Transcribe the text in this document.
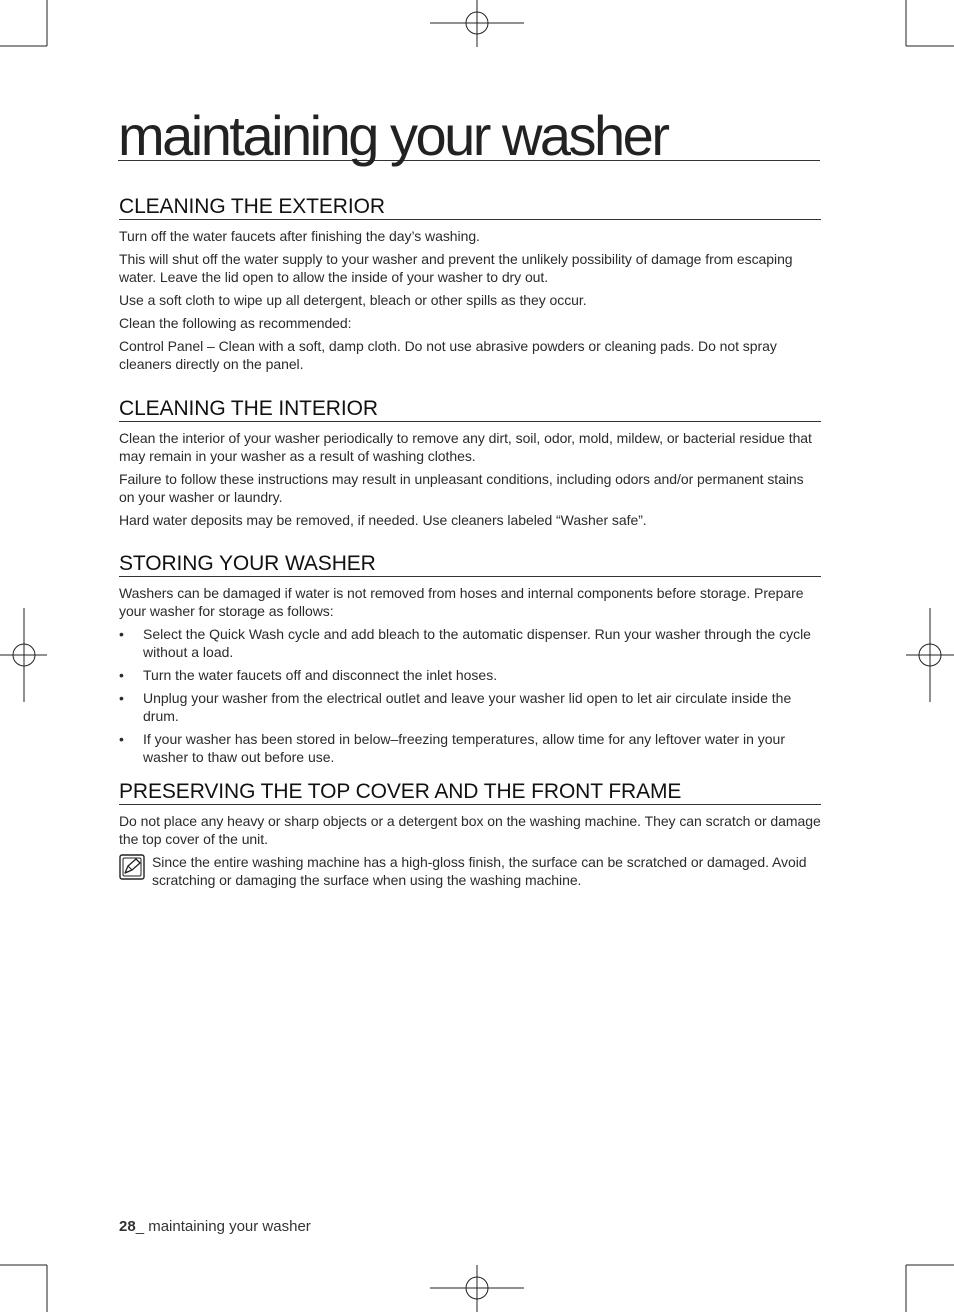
maintaining your washer
CLEANING THE EXTERIOR

Turn off the water faucets after finishing the day’s washing.

This will shut off the water supply to your washer and prevent the unlikely possibility of damage from escaping water. Leave the lid open to allow the inside of your washer to dry out.

Use a soft cloth to wipe up all detergent, bleach or other spills as they occur.

Clean the following as recommended:

Control Panel – Clean with a soft, damp cloth. Do not use abrasive powders or cleaning pads. Do not spray cleaners directly on the panel.

CLEANING THE INTERIOR

Clean the interior of your washer periodically to remove any dirt, soil, odor, mold, mildew, or bacterial residue that may remain in your washer as a result of washing clothes.

Failure to follow these instructions may result in unpleasant conditions, including odors and/or permanent stains on your washer or laundry.

Hard water deposits may be removed, if needed. Use cleaners labeled “Washer safe”.

STORING YOUR WASHER

Washers can be damaged if water is not removed from hoses and internal components before storage. Prepare your washer for storage as follows:

• Select the Quick Wash cycle and add bleach to the automatic dispenser. Run your washer through the cycle without a load.
• Turn the water faucets off and disconnect the inlet hoses.
• Unplug your washer from the electrical outlet and leave your washer lid open to let air circulate inside the drum.
• If your washer has been stored in below–freezing temperatures, allow time for any leftover water in your washer to thaw out before use.
PRESERVING THE TOP COVER AND THE FRONT FRAME

Do not place any heavy or sharp objects or a detergent box on the washing machine. They can scratch or damage the top cover of the unit.

Since the entire washing machine has a high-gloss finish, the surface can be scratched or damaged. Avoid scratching or damaging the surface when using the washing machine.

28_ maintaining your washer
